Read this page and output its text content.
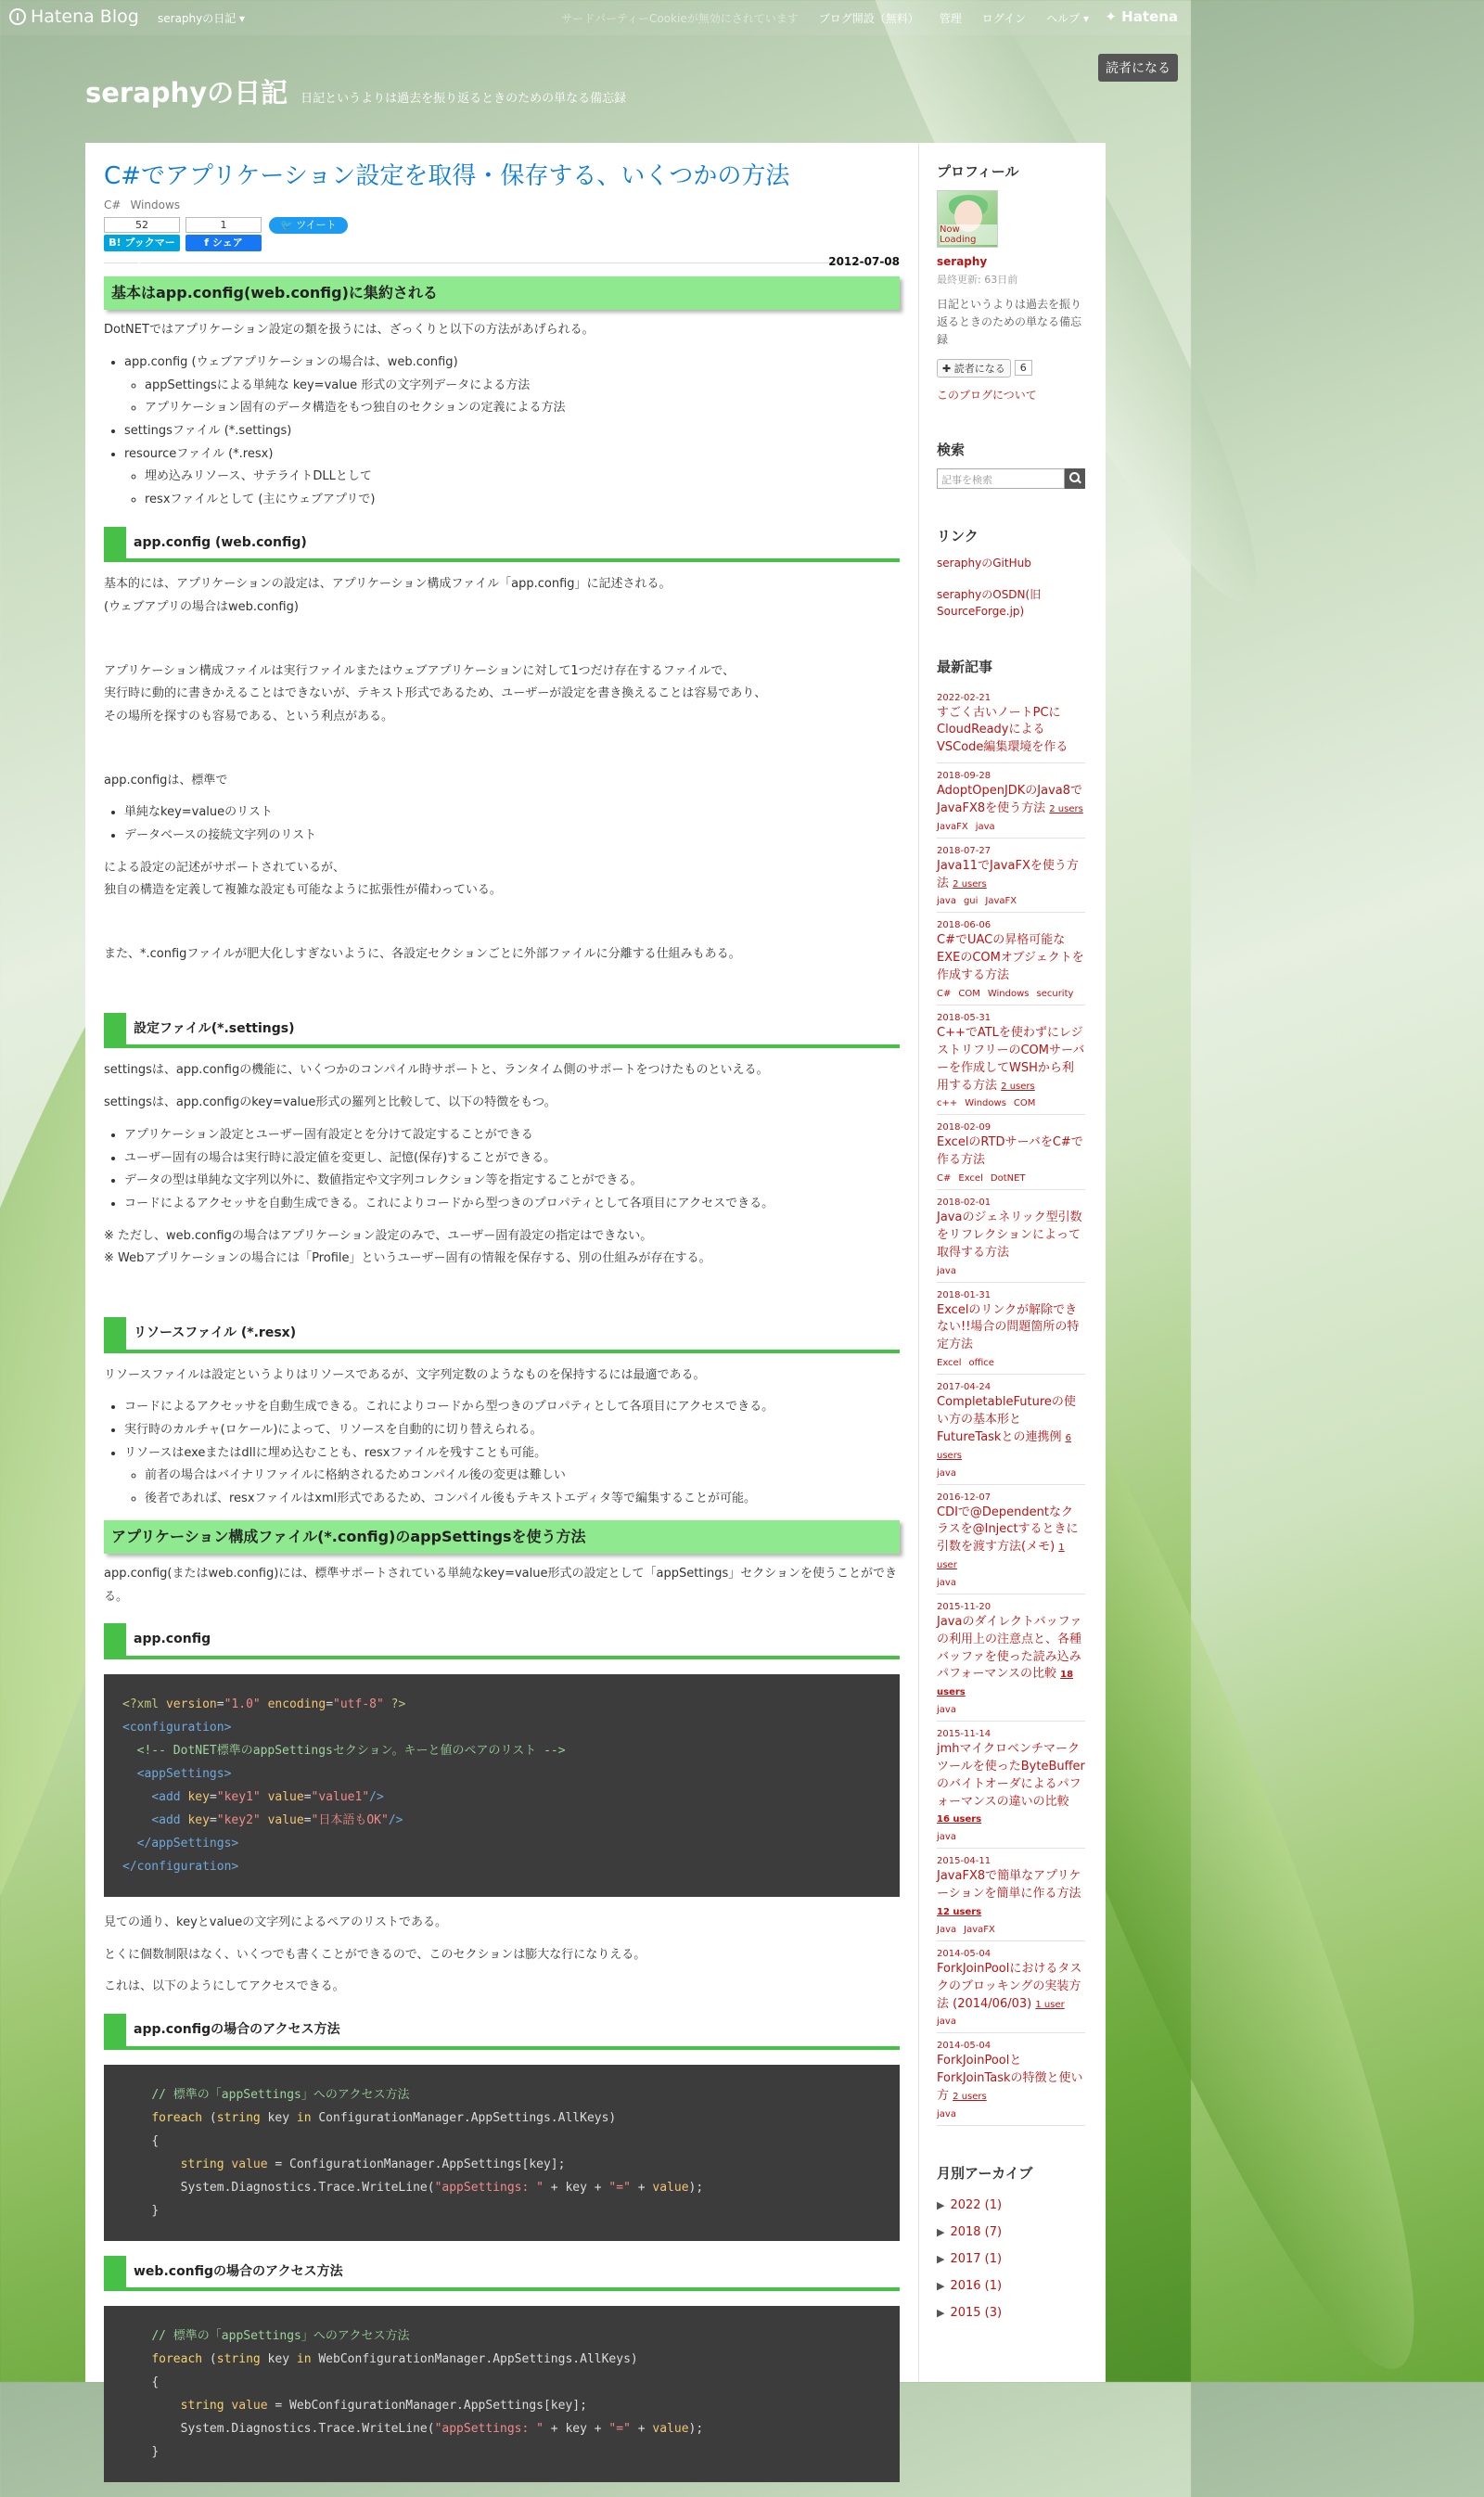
Hatena Blog seraphyの日記 ▾	サードパーティーCookieが無効にされています ブログ開設（無料） 管理 ログイン ヘルプ ▾ ✦ Hatena
読者になる
seraphyの日記 日記というよりは過去を振り返るときのための単なる備忘録
C#でアプリケーション設定を取得・保存する、いくつかの方法
C# Windows
52
B! ブックマーク
1
f シェア
🐦 ツイート
2012-07-08
基本はapp.config(web.config)に集約される

DotNETではアプリケーション設定の類を扱うには、ざっくりと以下の方法があげられる。

• app.config (ウェブアプリケーションの場合は、web.config)
◦ appSettingsによる単純な key=value 形式の文字列データによる方法
◦ アプリケーション固有のデータ構造をもつ独自のセクションの定義による方法
• settingsファイル (*.settings)
• resourceファイル (*.resx)
◦ 埋め込みリソース、サテライトDLLとして
◦ resxファイルとして (主にウェブアプリで)
app.config (web.config)

基本的には、アプリケーションの設定は、アプリケーション構成ファイル「app.config」に記述される。
(ウェブアプリの場合はweb.config)

アプリケーション構成ファイルは実行ファイルまたはウェブアプリケーションに対して1つだけ存在するファイルで、
実行時に動的に書きかえることはできないが、テキスト形式であるため、ユーザーが設定を書き換えることは容易であり、
その場所を探すのも容易である、という利点がある。

app.configは、標準で

• 単純なkey=valueのリスト
• データベースの接続文字列のリスト

による設定の記述がサポートされているが、
独自の構造を定義して複雑な設定も可能なように拡張性が備わっている。

また、*.configファイルが肥大化しすぎないように、各設定セクションごとに外部ファイルに分離する仕組みもある。

設定ファイル(*.settings)

settingsは、app.configの機能に、いくつかのコンパイル時サポートと、ランタイム側のサポートをつけたものといえる。

settingsは、app.configのkey=value形式の羅列と比較して、以下の特徴をもつ。

• アプリケーション設定とユーザー固有設定とを分けて設定することができる
• ユーザー固有の場合は実行時に設定値を変更し、記憶(保存)することができる。
• データの型は単純な文字列以外に、数値指定や文字列コレクション等を指定することができる。
• コードによるアクセッサを自動生成できる。これによりコードから型つきのプロパティとして各項目にアクセスできる。

※ ただし、web.configの場合はアプリケーション設定のみで、ユーザー固有設定の指定はできない。
※ Webアプリケーションの場合には「Profile」というユーザー固有の情報を保存する、別の仕組みが存在する。

リソースファイル (*.resx)

リソースファイルは設定というよりはリソースであるが、文字列定数のようなものを保持するには最適である。

• コードによるアクセッサを自動生成できる。これによりコードから型つきのプロパティとして各項目にアクセスできる。
• 実行時のカルチャ(ロケール)によって、リソースを自動的に切り替えられる。
• リソースはexeまたはdllに埋め込むことも、resxファイルを残すことも可能。
◦ 前者の場合はバイナリファイルに格納されるためコンパイル後の変更は難しい
◦ 後者であれば、resxファイルはxml形式であるため、コンパイル後もテキストエディタ等で編集することが可能。
アプリケーション構成ファイル(*.config)のappSettingsを使う方法

app.config(またはweb.config)には、標準サポートされている単純なkey=value形式の設定として「appSettings」セクションを使うことができる。

app.config
<?xml version="1.0" encoding="utf-8" ?>
<configuration>
<!-- DotNET標準のappSettingsセクション。キーと値のペアのリスト -->
<appSettings>
<add key="key1" value="value1"/>
<add key="key2" value="日本語もOK"/>
</appSettings>
</configuration>

見ての通り、keyとvalueの文字列によるペアのリストである。

とくに個数制限はなく、いくつでも書くことができるので、このセクションは膨大な行になりえる。

これは、以下のようにしてアクセスできる。

app.configの場合のアクセス方法
// 標準の「appSettings」へのアクセス方法
foreach (string key in ConfigurationManager.AppSettings.AllKeys)
{
string value = ConfigurationManager.AppSettings[key];
System.Diagnostics.Trace.WriteLine("appSettings: " + key + "=" + value);
}
web.configの場合のアクセス方法
// 標準の「appSettings」へのアクセス方法
foreach (string key in WebConfigurationManager.AppSettings.AllKeys)
{
string value = WebConfigurationManager.AppSettings[key];
System.Diagnostics.Trace.WriteLine("appSettings: " + key + "=" + value);
}
プロフィール
Now Loading
seraphy
最終更新: 63日前
日記というよりは過去を振り返るときのための単なる備忘録
✚ 読者になる	6
このブログについて
検索
記事を検索
リンク
seraphyのGitHub
seraphyのOSDN(旧SourceForge.jp)
最新記事
2022-02-21
すごく古いノートPCにCloudReadyによるVSCode編集環境を作る
2018-09-28
AdoptOpenJDKのJava8でJavaFX8を使う方法 2 users
JavaFX java
2018-07-27
Java11でJavaFXを使う方法 2 users
java gui JavaFX
2018-06-06
C#でUACの昇格可能なEXEのCOMオブジェクトを作成する方法
C# COM Windows security
2018-05-31
C++でATLを使わずにレジストリフリーのCOMサーバーを作成してWSHから利用する方法 2 users
c++ Windows COM
2018-02-09
ExcelのRTDサーバをC#で作る方法
C# Excel DotNET
2018-02-01
Javaのジェネリック型引数をリフレクションによって取得する方法
java
2018-01-31
Excelのリンクが解除できない!!場合の問題箇所の特定方法
Excel office
2017-04-24
CompletableFutureの使い方の基本形とFutureTaskとの連携例 6 users
java
2016-12-07
CDIで@Dependentなクラスを@Injectするときに引数を渡す方法(メモ) 1 user
java
2015-11-20
Javaのダイレクトバッファの利用上の注意点と、各種バッファを使った読み込みパフォーマンスの比較 18 users
java
2015-11-14
jmhマイクロベンチマークツールを使ったByteBufferのバイトオーダによるパフォーマンスの違いの比較 16 users
java
2015-04-11
JavaFX8で簡単なアプリケーションを簡単に作る方法 12 users
Java JavaFX
2014-05-04
ForkJoinPoolにおけるタスクのブロッキングの実装方法 (2014/06/03) 1 user
java
2014-05-04
ForkJoinPoolとForkJoinTaskの特徴と使い方 2 users
java
月別アーカイブ
▶ 2022 (1)
▶ 2018 (7)
▶ 2017 (1)
▶ 2016 (1)
▶ 2015 (3)
